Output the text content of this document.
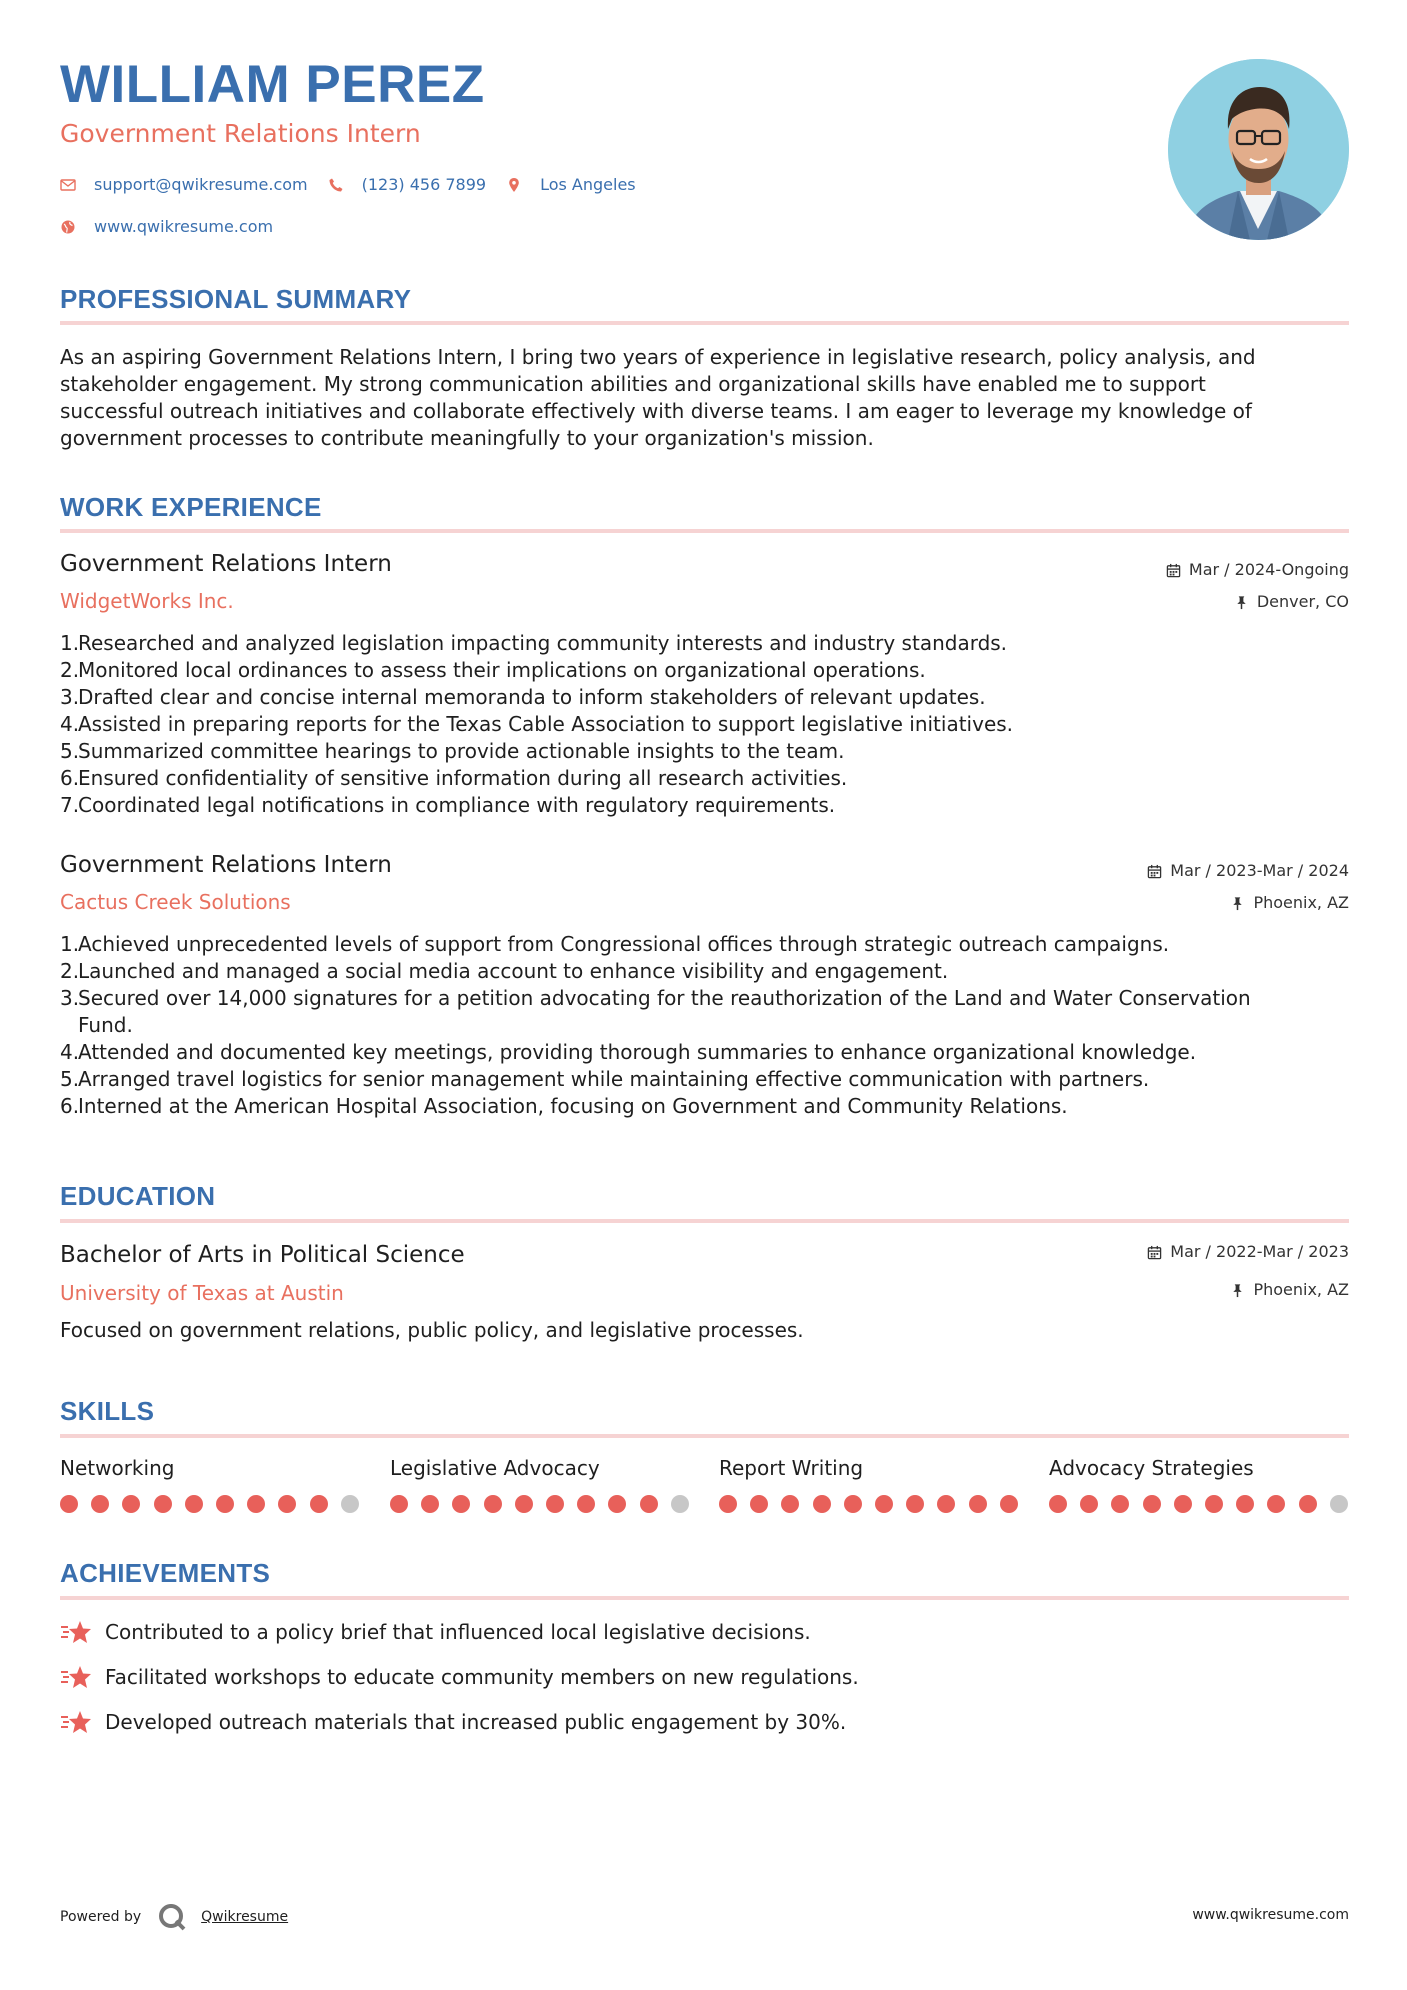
WILLIAM PEREZ
Government Relations Intern
support@qwikresume.com	(123) 456 7899	Los Angeles
www.qwikresume.com
PROFESSIONAL SUMMARY
As an aspiring Government Relations Intern, I bring two years of experience in legislative research, policy analysis, and
stakeholder engagement. My strong communication abilities and organizational skills have enabled me to support
successful outreach initiatives and collaborate effectively with diverse teams. I am eager to leverage my knowledge of
government processes to contribute meaningfully to your organization's mission.
WORK EXPERIENCE
Government Relations Intern
WidgetWorks Inc.
Mar / 2024-Ongoing
Denver, CO
1.
Researched and analyzed legislation impacting community interests and industry standards.
2.
Monitored local ordinances to assess their implications on organizational operations.
3.
Drafted clear and concise internal memoranda to inform stakeholders of relevant updates.
4.
Assisted in preparing reports for the Texas Cable Association to support legislative initiatives.
5.
Summarized committee hearings to provide actionable insights to the team.
6.
Ensured confidentiality of sensitive information during all research activities.
7.
Coordinated legal notifications in compliance with regulatory requirements.
Government Relations Intern
Cactus Creek Solutions
Mar / 2023-Mar / 2024
Phoenix, AZ
1.
Achieved unprecedented levels of support from Congressional offices through strategic outreach campaigns.
2.
Launched and managed a social media account to enhance visibility and engagement.
3.
Secured over 14,000 signatures for a petition advocating for the reauthorization of the Land and Water Conservation
Fund.
4.
Attended and documented key meetings, providing thorough summaries to enhance organizational knowledge.
5.
Arranged travel logistics for senior management while maintaining effective communication with partners.
6.
Interned at the American Hospital Association, focusing on Government and Community Relations.
EDUCATION
Bachelor of Arts in Political Science
University of Texas at Austin
Mar / 2022-Mar / 2023
Phoenix, AZ
Focused on government relations, public policy, and legislative processes.
SKILLS
Networking	Legislative Advocacy	Report Writing	Advocacy Strategies
ACHIEVEMENTS
Contributed to a policy brief that influenced local legislative decisions.
Facilitated workshops to educate community members on new regulations.
Developed outreach materials that increased public engagement by 30%.
Powered by	Qwikresume	www.qwikresume.com
